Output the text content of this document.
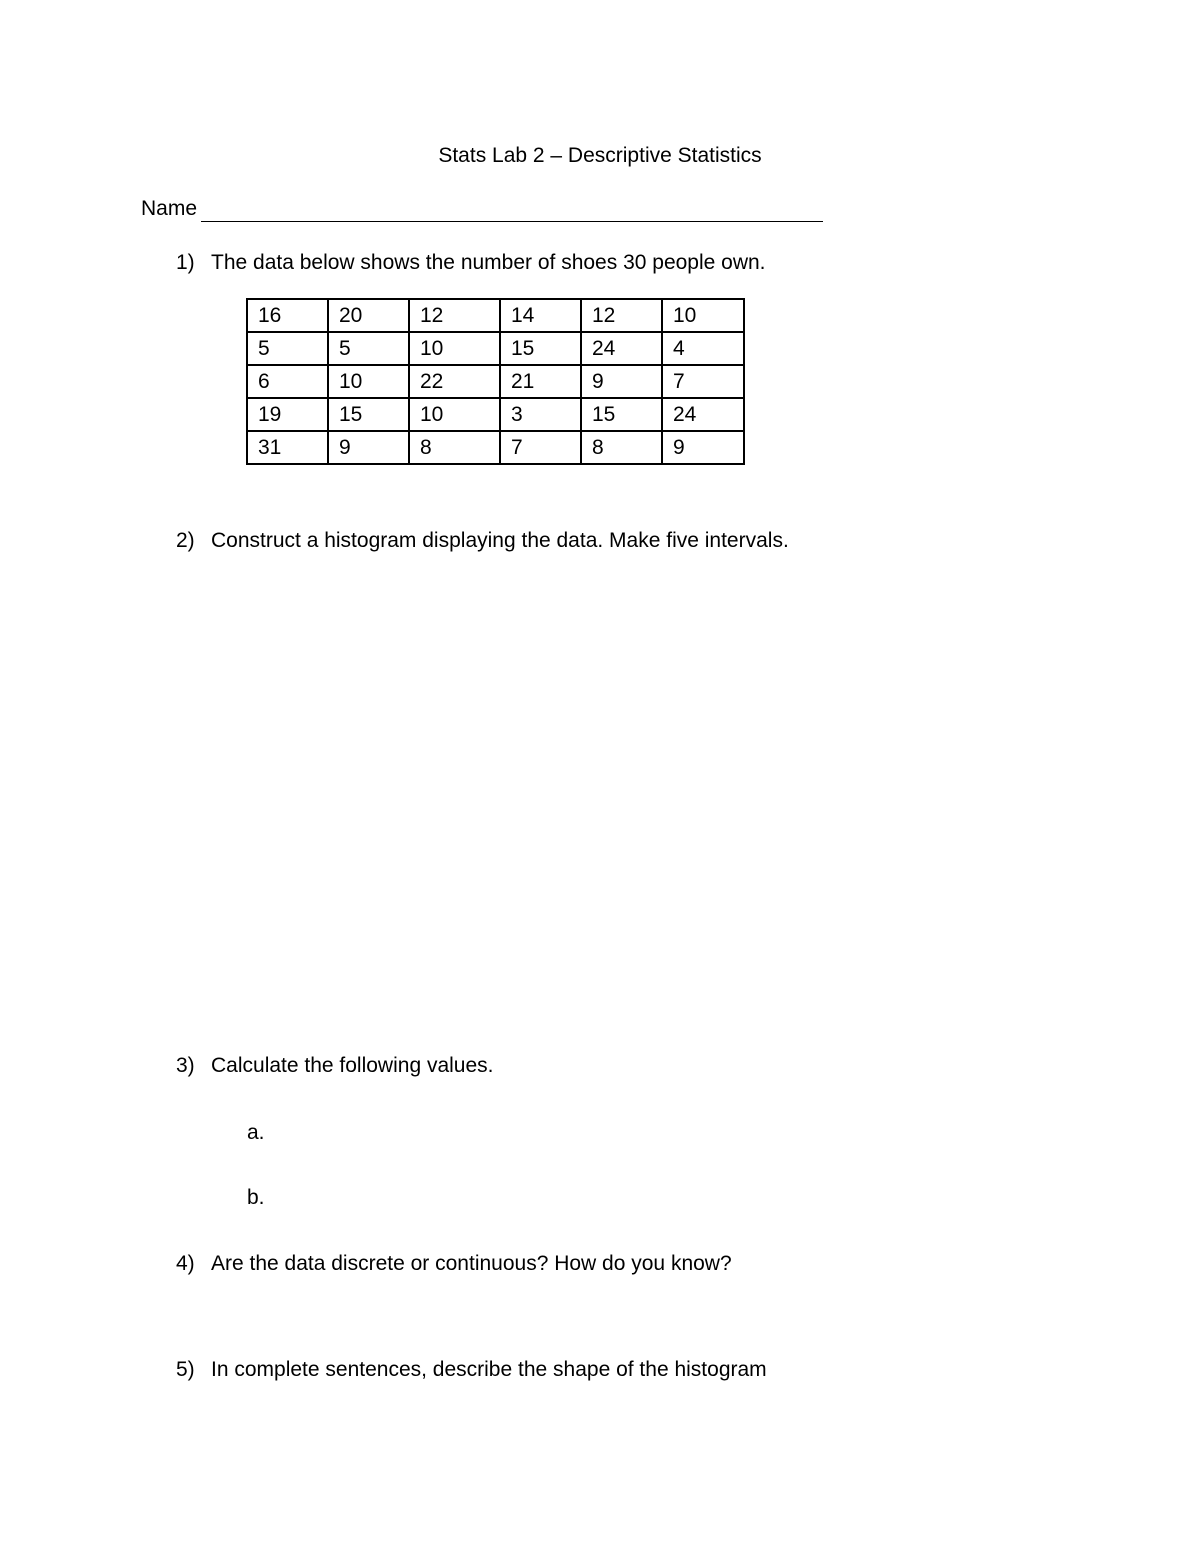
Stats Lab 2 – Descriptive Statistics
Name
1) The data below shows the number of shoes 30 people own.
16	20	12	14	12	10
5	5	10	15	24	4
6	10	22	21	9	7
19	15	10	3	15	24
31	9	8	7	8	9
2) Construct a histogram displaying the data. Make five intervals.
3) Calculate the following values.
a.
b.
4) Are the data discrete or continuous? How do you know?
5) In complete sentences, describe the shape of the histogram
